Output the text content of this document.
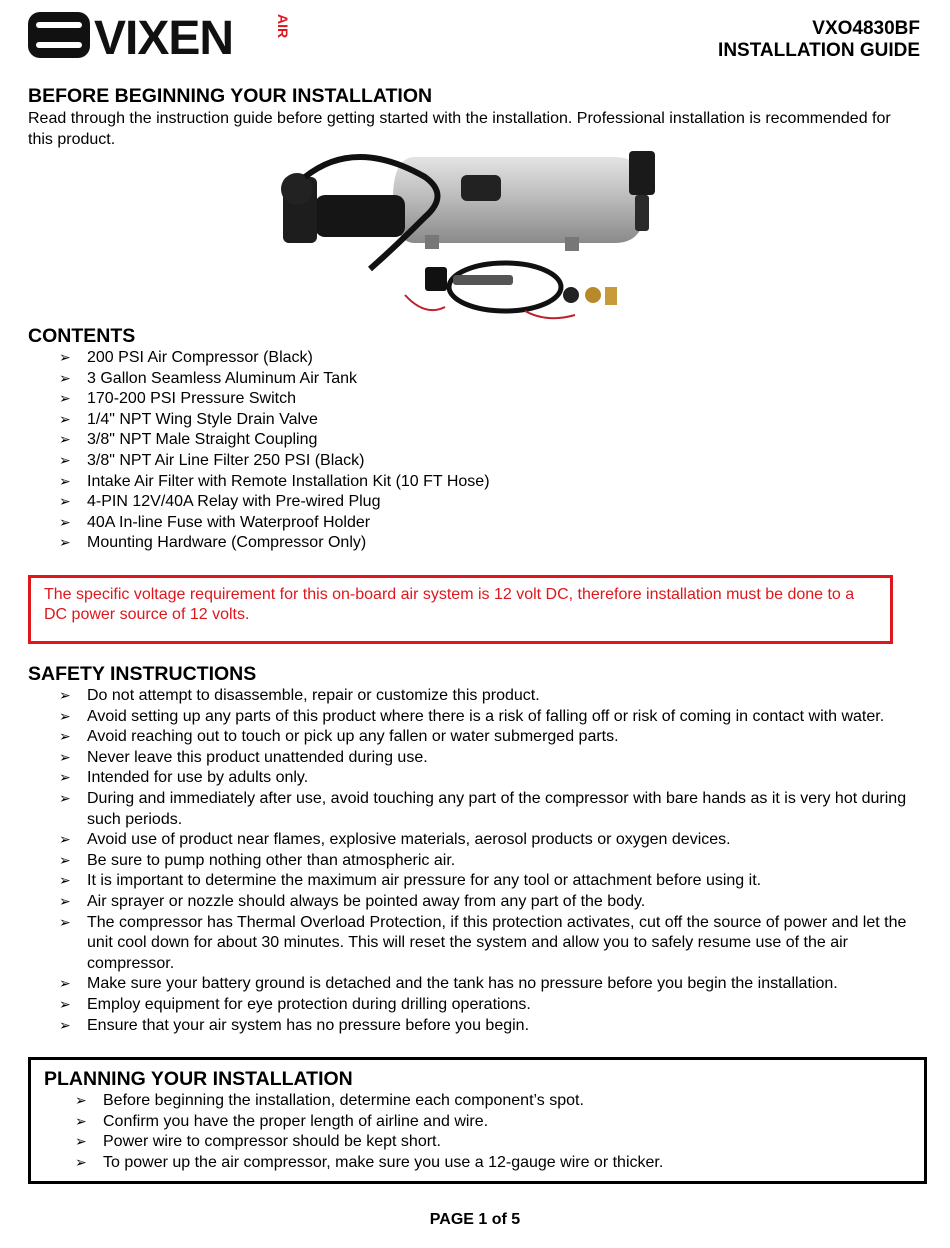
VIXEN	AIR	VXO4830BF
INSTALLATION GUIDE
BEFORE BEGINNING YOUR INSTALLATION

Read through the instruction guide before getting started with the installation. Professional installation is recommended for this product.

CONTENTS
➢ 200 PSI Air Compressor (Black)
➢ 3 Gallon Seamless Aluminum Air Tank
➢ 170-200 PSI Pressure Switch
➢ 1/4" NPT Wing Style Drain Valve
➢ 3/8" NPT Male Straight Coupling
➢ 3/8" NPT Air Line Filter 250 PSI (Black)
➢ Intake Air Filter with Remote Installation Kit (10 FT Hose)
➢ 4-PIN 12V/40A Relay with Pre-wired Plug
➢ 40A In-line Fuse with Waterproof Holder
➢ Mounting Hardware (Compressor Only)
The specific voltage requirement for this on-board air system is 12 volt DC, therefore installation must be done to a DC power source of 12 volts.
SAFETY INSTRUCTIONS
➢ Do not attempt to disassemble, repair or customize this product.
➢ Avoid setting up any parts of this product where there is a risk of falling off or risk of coming in contact with water.
➢ Avoid reaching out to touch or pick up any fallen or water submerged parts.
➢ Never leave this product unattended during use.
➢ Intended for use by adults only.
➢ During and immediately after use, avoid touching any part of the compressor with bare hands as it is very hot during such periods.
➢ Avoid use of product near flames, explosive materials, aerosol products or oxygen devices.
➢ Be sure to pump nothing other than atmospheric air.
➢ It is important to determine the maximum air pressure for any tool or attachment before using it.
➢ Air sprayer or nozzle should always be pointed away from any part of the body.
➢ The compressor has Thermal Overload Protection, if this protection activates, cut off the source of power and let the unit cool down for about 30 minutes. This will reset the system and allow you to safely resume use of the air compressor.
➢ Make sure your battery ground is detached and the tank has no pressure before you begin the installation.
➢ Employ equipment for eye protection during drilling operations.
➢ Ensure that your air system has no pressure before you begin.
PLANNING YOUR INSTALLATION
➢ Before beginning the installation, determine each component’s spot.
➢ Confirm you have the proper length of airline and wire.
➢ Power wire to compressor should be kept short.
➢ To power up the air compressor, make sure you use a 12-gauge wire or thicker.
PAGE 1 of 5
